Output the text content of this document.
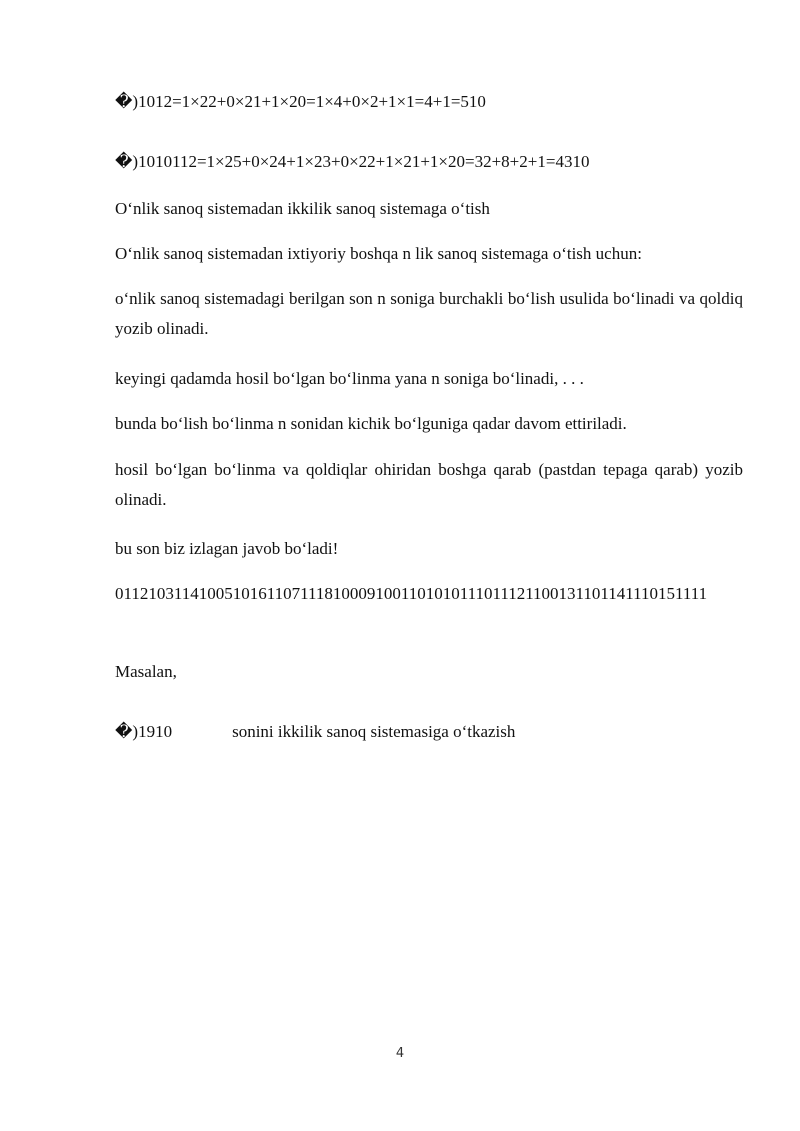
�)1012=1×22+0×21+1×20=1×4+0×2+1×1=4+1=510
�)1010112=1×25+0×24+1×23+0×22+1×21+1×20=32+8+2+1=4310
O‘nlik sanoq sistemadan ikkilik sanoq sistemaga o‘tish
O‘nlik sanoq sistemadan ixtiyoriy boshqa n lik sanoq sistemaga o‘tish uchun:
o‘nlik sanoq sistemadagi berilgan son n soniga burchakli bo‘lish usulida bo‘linadi va qoldiq yozib olinadi.
keyingi qadamda hosil bo‘lgan bo‘linma yana n soniga bo‘linadi, . . .
bunda bo‘lish bo‘linma n sonidan kichik bo‘lguniga qadar davom ettiriladi.
hosil bo‘lgan bo‘linma va qoldiqlar ohiridan boshga qarab (pastdan tepaga qarab) yozib olinadi.
bu son biz izlagan javob bo‘ladi!
0112103114100510161107111810009100110101011101112110013110114111015​1111
Masalan,
�)1910	sonini ikkilik sanoq sistemasiga o‘tkazish
4
